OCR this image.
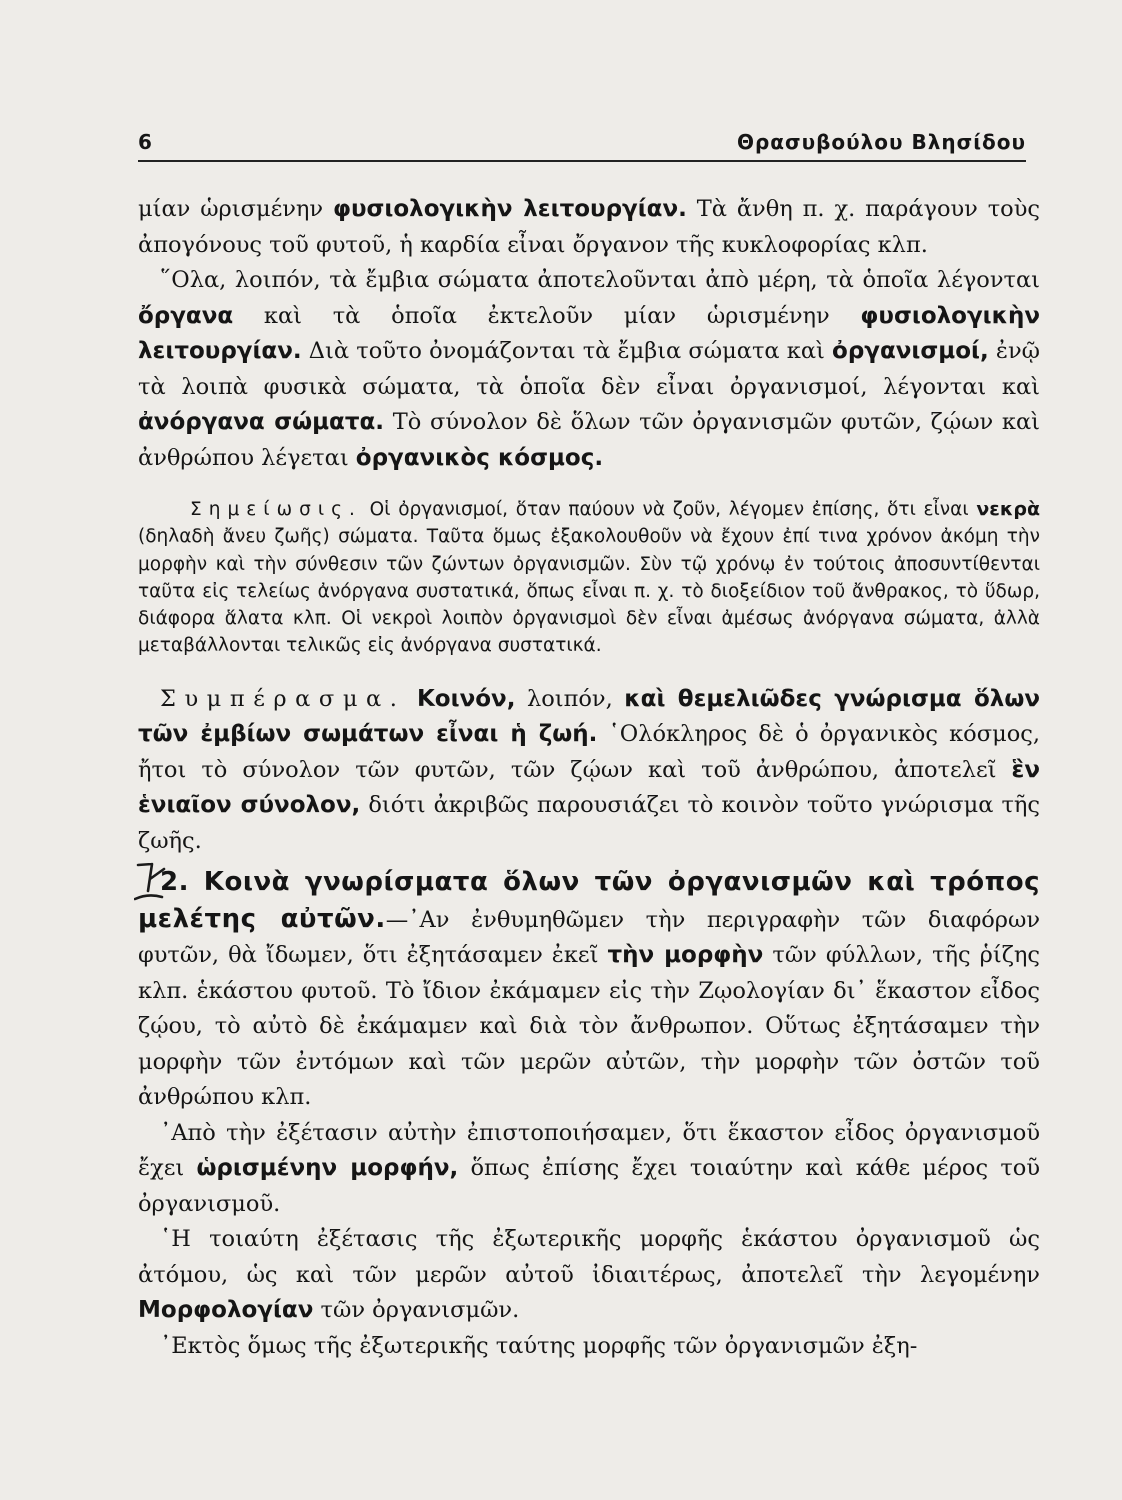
6	Θρασυβούλου Βλησίδου

μίαν ὡρισμένην φυσιολογικὴν λειτουργίαν. Τὰ ἄνθη π. χ. παράγουν τοὺς ἀπογόνους τοῦ φυτοῦ, ἡ καρδία εἶναι ὄργανον τῆς κυκλοφορίας κλπ.

῞Ολα, λοιπόν, τὰ ἔμβια σώματα ἀποτελοῦνται ἀπὸ μέρη, τὰ ὁποῖα λέγονται ὄργανα καὶ τὰ ὁποῖα ἐκτελοῦν μίαν ὡρισμένην φυσιολογικὴν λειτουργίαν. Διὰ τοῦτο ὀνομάζονται τὰ ἔμβια σώματα καὶ ὀργανισμοί, ἐνῷ τὰ λοιπὰ φυσικὰ σώματα, τὰ ὁποῖα δὲν εἶναι ὀργανισμοί, λέγονται καὶ ἀνόργανα σώματα. Τὸ σύνολον δὲ ὅλων τῶν ὀργανισμῶν φυτῶν, ζῴων καὶ ἀνθρώπου λέγεται ὀργανικὸς κόσμος.

Σημείωσις. Οἱ ὀργανισμοί, ὅταν παύουν νὰ ζοῦν, λέγομεν ἐπίσης, ὅτι εἶναι νεκρὰ (δηλαδὴ ἄνευ ζωῆς) σώματα. Ταῦτα ὅμως ἐξακολουθοῦν νὰ ἔχουν ἐπί τινα χρόνον ἀκόμη τὴν μορφὴν καὶ τὴν σύνθεσιν τῶν ζώντων ὀργανισμῶν. Σὺν τῷ χρόνῳ ἐν τούτοις ἀποσυντίθενται ταῦτα εἰς τελείως ἀνόργανα συστατικά, ὅπως εἶναι π. χ. τὸ διοξείδιον τοῦ ἄνθρακος, τὸ ὕδωρ, διάφορα ἅλατα κλπ. Οἱ νεκροὶ λοιπὸν ὀργανισμοὶ δὲν εἶναι ἀμέσως ἀνόργανα σώματα, ἀλλὰ μεταβάλλονται τελικῶς εἰς ἀνόργανα συστατικά.

Συμπέρασμα. Κοινόν, λοιπόν, καὶ θεμελιῶδες γνώρισμα ὅλων τῶν ἐμβίων σωμάτων εἶναι ἡ ζωή. ῾Ολόκληρος δὲ ὁ ὀργανικὸς κόσμος, ἤτοι τὸ σύνολον τῶν φυτῶν, τῶν ζῴων καὶ τοῦ ἀνθρώπου, ἀποτελεῖ ἓν ἑνιαῖον σύνολον, διότι ἀκριβῶς παρουσιάζει τὸ κοινὸν τοῦτο γνώρισμα τῆς ζωῆς.

2. Κοινὰ γνωρίσματα ὅλων τῶν ὀργανισμῶν καὶ τρόπος μελέτης αὐτῶν.—᾿Αν ἐνθυμηθῶμεν τὴν περιγραφὴν τῶν διαφόρων φυτῶν, θὰ ἴδωμεν, ὅτι ἐξητάσαμεν ἐκεῖ τὴν μορφὴν τῶν φύλλων, τῆς ῥίζης κλπ. ἑκάστου φυτοῦ. Τὸ ἴδιον ἐκάμαμεν εἰς τὴν Ζῳολογίαν δι᾿ ἕκαστον εἶδος ζῴου, τὸ αὐτὸ δὲ ἐκάμαμεν καὶ διὰ τὸν ἄνθρωπον. Οὕτως ἐξητάσαμεν τὴν μορφὴν τῶν ἐντόμων καὶ τῶν μερῶν αὐτῶν, τὴν μορφὴν τῶν ὀστῶν τοῦ ἀνθρώπου κλπ.

᾿Απὸ τὴν ἐξέτασιν αὐτὴν ἐπιστοποιήσαμεν, ὅτι ἕκαστον εἶδος ὀργανισμοῦ ἔχει ὡρισμένην μορφήν, ὅπως ἐπίσης ἔχει τοιαύτην καὶ κάθε μέρος τοῦ ὀργανισμοῦ.

῾Η τοιαύτη ἐξέτασις τῆς ἐξωτερικῆς μορφῆς ἑκάστου ὀργανισμοῦ ὡς ἀτόμου, ὡς καὶ τῶν μερῶν αὐτοῦ ἰδιαιτέρως, ἀποτελεῖ τὴν λεγομένην Μορφολογίαν τῶν ὀργανισμῶν.

᾿Εκτὸς ὅμως τῆς ἐξωτερικῆς ταύτης μορφῆς τῶν ὀργανισμῶν ἐξη-
